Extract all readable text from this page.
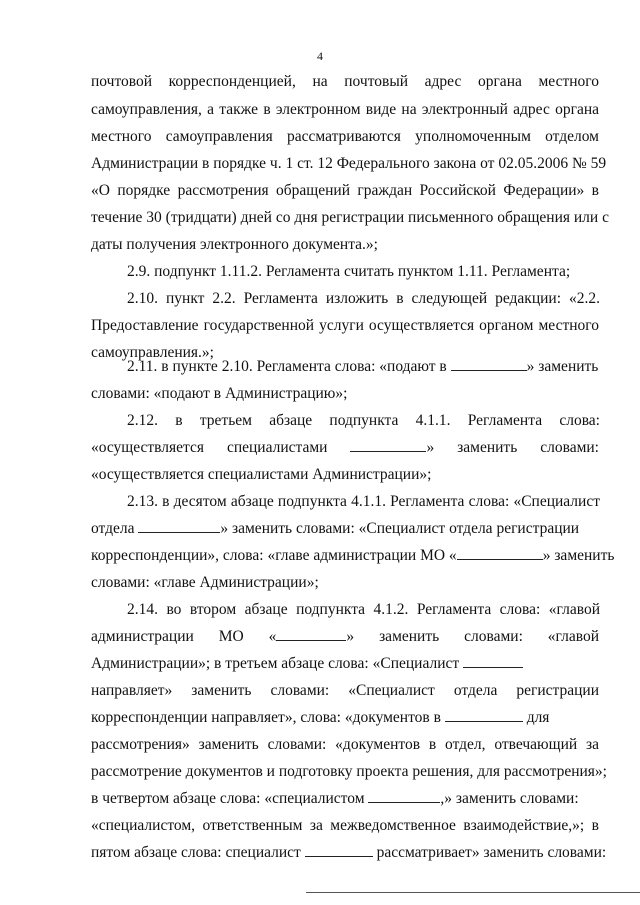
4
почтовой корреспонденцией, на почтовый адрес органа местного
самоуправления, а также в электронном виде на электронный адрес органа
местного самоуправления рассматриваются уполномоченным отделом
Администрации в порядке ч. 1 ст. 12 Федерального закона от 02.05.2006 № 59
«О порядке рассмотрения обращений граждан Российской Федерации» в
течение 30 (тридцати) дней со дня регистрации письменного обращения или с
даты получения электронного документа.»;
2.9. подпункт 1.11.2. Регламента считать пунктом 1.11. Регламента;
2.10. пункт 2.2. Регламента изложить в следующей редакции: «2.2.
Предоставление государственной услуги осуществляется органом местного
самоуправления.»;
2.11. в пункте 2.10. Регламента слова: «подают в	» заменить
словами: «подают в Администрацию»;
2.12. в третьем абзаце подпункта 4.1.1. Регламента слова:
«осуществляется специалистами	» заменить словами:
«осуществляется специалистами Администрации»;
2.13. в десятом абзаце подпункта 4.1.1. Регламента слова: «Специалист
отдела	» заменить словами: «Специалист отдела регистрации
корреспонденции», слова: «главе администрации МО «	» заменить
словами: «главе Администрации»;
2.14. во втором абзаце подпункта 4.1.2. Регламента слова: «главой
администрации МО «	» заменить словами: «главой
Администрации»; в третьем абзаце слова: «Специалист
направляет» заменить словами: «Специалист отдела регистрации
корреспонденции направляет», слова: «документов в	для
рассмотрения» заменить словами: «документов в отдел, отвечающий за
рассмотрение документов и подготовку проекта решения, для рассмотрения»;
в четвертом абзаце слова: «специалистом	,» заменить словами:
«специалистом, ответственным за межведомственное взаимодействие,»; в
пятом абзаце слова: специалист	рассматривает» заменить словами:
